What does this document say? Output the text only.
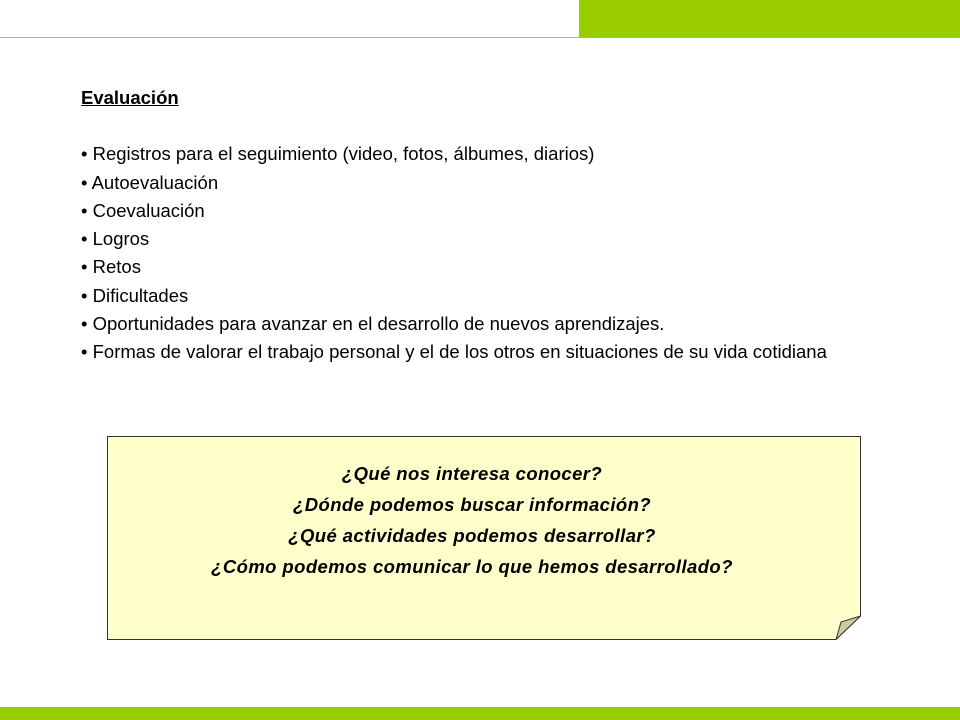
Evaluación
• Registros para el seguimiento (video, fotos, álbumes, diarios)
• Autoevaluación
• Coevaluación
• Logros
• Retos
• Dificultades
• Oportunidades para avanzar en el desarrollo de nuevos aprendizajes.
• Formas de valorar el trabajo personal y el de los otros en situaciones de su vida cotidiana
¿Qué nos interesa conocer?
¿Dónde podemos buscar información?
¿Qué actividades podemos desarrollar?
¿Cómo podemos comunicar lo que hemos desarrollado?
